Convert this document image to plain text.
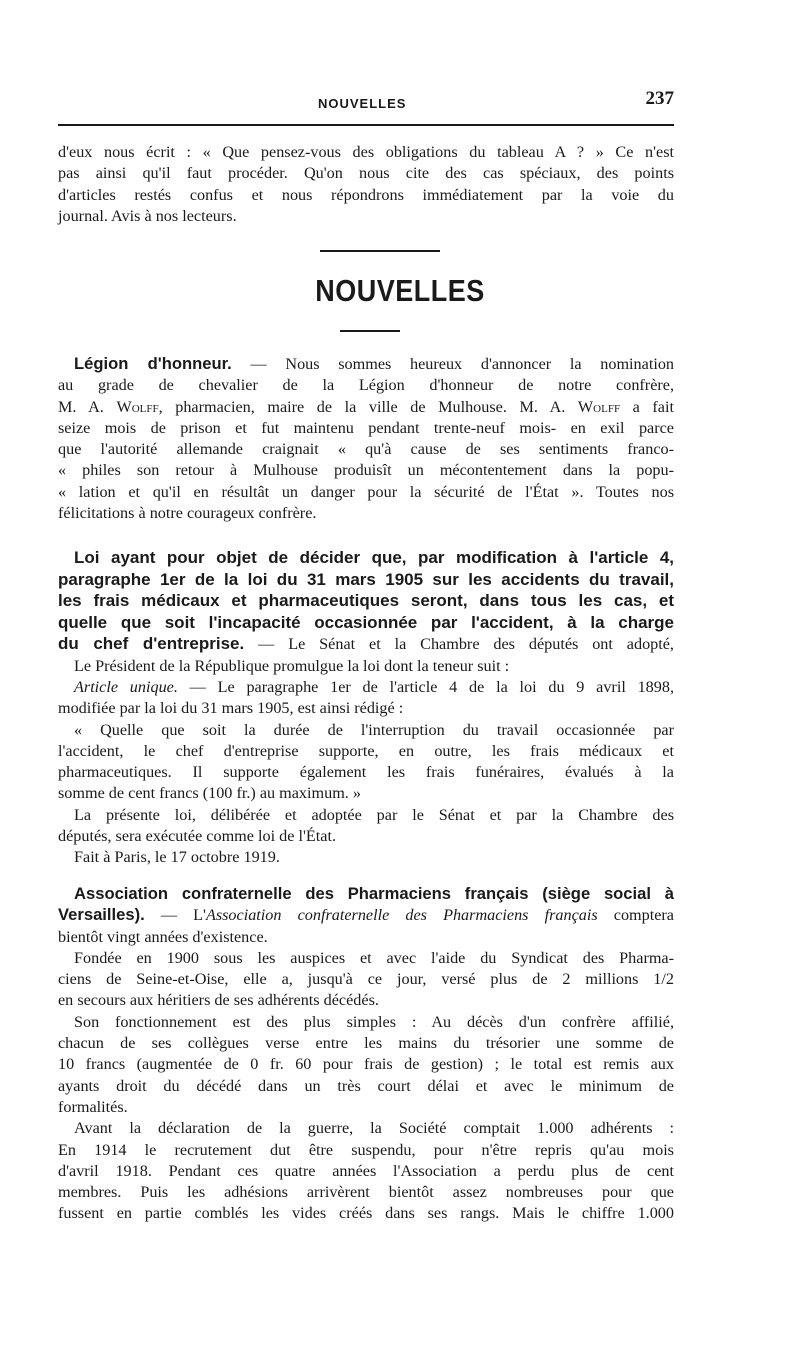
NOUVELLES	237
d'eux nous écrit : « Que pensez-vous des obligations du tableau A ? » Ce n'est
pas ainsi qu'il faut procéder. Qu'on nous cite des cas spéciaux, des points
d'articles restés confus et nous répondrons immédiatement par la voie du
journal. Avis à nos lecteurs.
NOUVELLES
Légion d'honneur. — Nous sommes heureux d'annoncer la nomination
au grade de chevalier de la Légion d'honneur de notre confrère,
M. A. Wolff, pharmacien, maire de la ville de Mulhouse. M. A. Wolff a fait
seize mois de prison et fut maintenu pendant trente-neuf mois- en exil parce
que l'autorité allemande craignait « qu'à cause de ses sentiments franco-
« philes son retour à Mulhouse produisît un mécontentement dans la popu-
« lation et qu'il en résultât un danger pour la sécurité de l'État ». Toutes nos
félicitations à notre courageux confrère.
Loi ayant pour objet de décider que, par modification à l'article 4,
paragraphe 1er de la loi du 31 mars 1905 sur les accidents du travail,
les frais médicaux et pharmaceutiques seront, dans tous les cas, et
quelle que soit l'incapacité occasionnée par l'accident, à la charge
du chef d'entreprise. — Le Sénat et la Chambre des députés ont adopté,
Le Président de la République promulgue la loi dont la teneur suit :
Article unique. — Le paragraphe 1er de l'article 4 de la loi du 9 avril 1898,
modifiée par la loi du 31 mars 1905, est ainsi rédigé :
« Quelle que soit la durée de l'interruption du travail occasionnée par
l'accident, le chef d'entreprise supporte, en outre, les frais médicaux et
pharmaceutiques. Il supporte également les frais funéraires, évalués à la
somme de cent francs (100 fr.) au maximum. »
La présente loi, délibérée et adoptée par le Sénat et par la Chambre des
députés, sera exécutée comme loi de l'État.
Fait à Paris, le 17 octobre 1919.
Association confraternelle des Pharmaciens français (siège social à
Versailles). — L'Association confraternelle des Pharmaciens français comptera
bientôt vingt années d'existence.
Fondée en 1900 sous les auspices et avec l'aide du Syndicat des Pharma-
ciens de Seine-et-Oise, elle a, jusqu'à ce jour, versé plus de 2 millions 1/2
en secours aux héritiers de ses adhérents décédés.
Son fonctionnement est des plus simples : Au décès d'un confrère affilié,
chacun de ses collègues verse entre les mains du trésorier une somme de
10 francs (augmentée de 0 fr. 60 pour frais de gestion) ; le total est remis aux
ayants droit du décédé dans un très court délai et avec le minimum de
formalités.
Avant la déclaration de la guerre, la Société comptait 1.000 adhérents :
En 1914 le recrutement dut être suspendu, pour n'être repris qu'au mois
d'avril 1918. Pendant ces quatre années l'Association a perdu plus de cent
membres. Puis les adhésions arrivèrent bientôt assez nombreuses pour que
fussent en partie comblés les vides créés dans ses rangs. Mais le chiffre 1.000
